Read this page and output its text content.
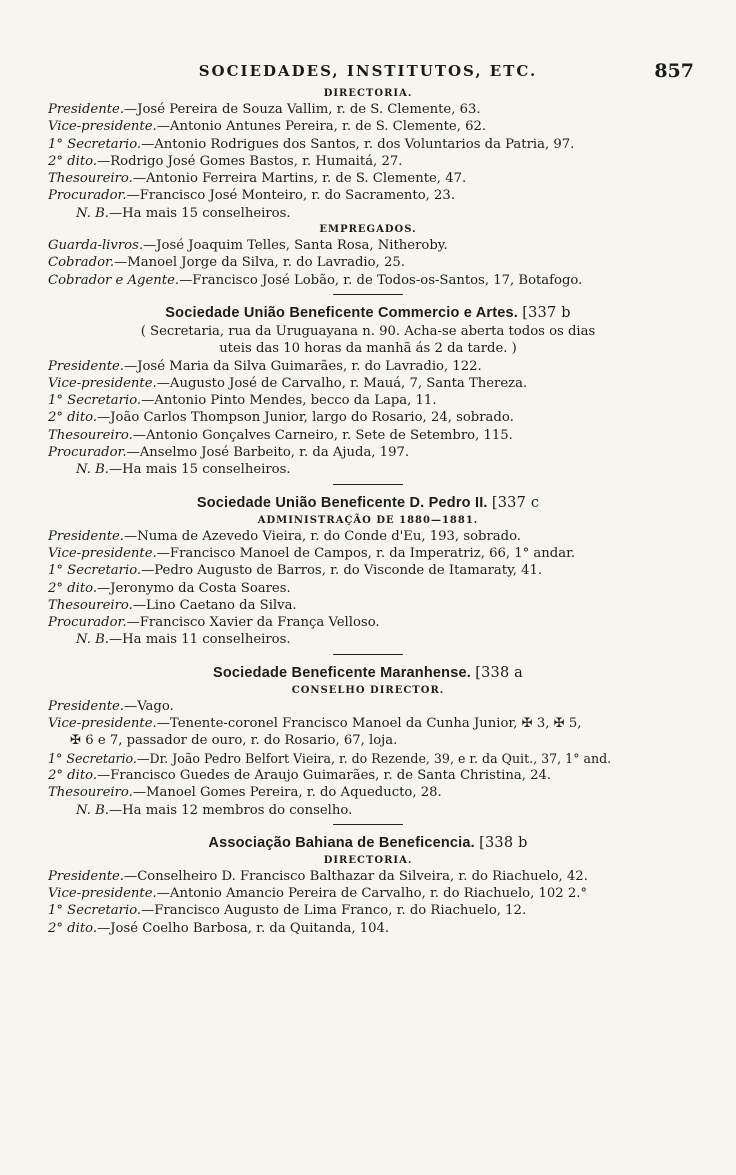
SOCIEDADES, INSTITUTOS, ETC.	857
DIRECTORIA.
Presidente.—José Pereira de Souza Vallim, r. de S. Clemente, 63.
Vice-presidente.—Antonio Antunes Pereira, r. de S. Clemente, 62.
1° Secretario.—Antonio Rodrigues dos Santos, r. dos Voluntarios da Patria, 97.
2° dito.—Rodrigo José Gomes Bastos, r. Humaitá, 27.
Thesoureiro.—Antonio Ferreira Martins, r. de S. Clemente, 47.
Procurador.—Francisco José Monteiro, r. do Sacramento, 23.
N. B.—Ha mais 15 conselheiros.
EMPREGADOS.
Guarda-livros.—José Joaquim Telles, Santa Rosa, Nitheroby.
Cobrador.—Manoel Jorge da Silva, r. do Lavradio, 25.
Cobrador e Agente.—Francisco José Lobão, r. de Todos-os-Santos, 17, Botafogo.
Sociedade União Beneficente Commercio e Artes. [337 b
( Secretaria, rua da Uruguayana n. 90. Acha-se aberta todos os dias
uteis das 10 horas da manhã ás 2 da tarde. )
Presidente.—José Maria da Silva Guimarães, r. do Lavradio, 122.
Vice-presidente.—Augusto José de Carvalho, r. Mauá, 7, Santa Thereza.
1° Secretario.—Antonio Pinto Mendes, becco da Lapa, 11.
2° dito.—João Carlos Thompson Junior, largo do Rosario, 24, sobrado.
Thesoureiro.—Antonio Gonçalves Carneiro, r. Sete de Setembro, 115.
Procurador.—Anselmo José Barbeito, r. da Ajuda, 197.
N. B.—Ha mais 15 conselheiros.
Sociedade União Beneficente D. Pedro II. [337 c
ADMINISTRAÇÃO DE 1880—1881.
Presidente.—Numa de Azevedo Vieira, r. do Conde d'Eu, 193, sobrado.
Vice-presidente.—Francisco Manoel de Campos, r. da Imperatriz, 66, 1° andar.
1° Secretario.—Pedro Augusto de Barros, r. do Visconde de Itamaraty, 41.
2° dito.—Jeronymo da Costa Soares.
Thesoureiro.—Lino Caetano da Silva.
Procurador.—Francisco Xavier da França Velloso.
N. B.—Ha mais 11 conselheiros.
Sociedade Beneficente Maranhense. [338 a
CONSELHO DIRECTOR.
Presidente.—Vago.
Vice-presidente.—Tenente-coronel Francisco Manoel da Cunha Junior, ✠ 3, ✠ 5,
✠ 6 e 7, passador de ouro, r. do Rosario, 67, loja.
1° Secretario.—Dr. João Pedro Belfort Vieira, r. do Rezende, 39, e r. da Quit., 37, 1° and.
2° dito.—Francisco Guedes de Araujo Guimarães, r. de Santa Christina, 24.
Thesoureiro.—Manoel Gomes Pereira, r. do Aqueducto, 28.
N. B.—Ha mais 12 membros do conselho.
Associação Bahiana de Beneficencia. [338 b
DIRECTORIA.
Presidente.—Conselheiro D. Francisco Balthazar da Silveira, r. do Riachuelo, 42.
Vice-presidente.—Antonio Amancio Pereira de Carvalho, r. do Riachuelo, 102 2.°
1° Secretario.—Francisco Augusto de Lima Franco, r. do Riachuelo, 12.
2° dito.—José Coelho Barbosa, r. da Quitanda, 104.
